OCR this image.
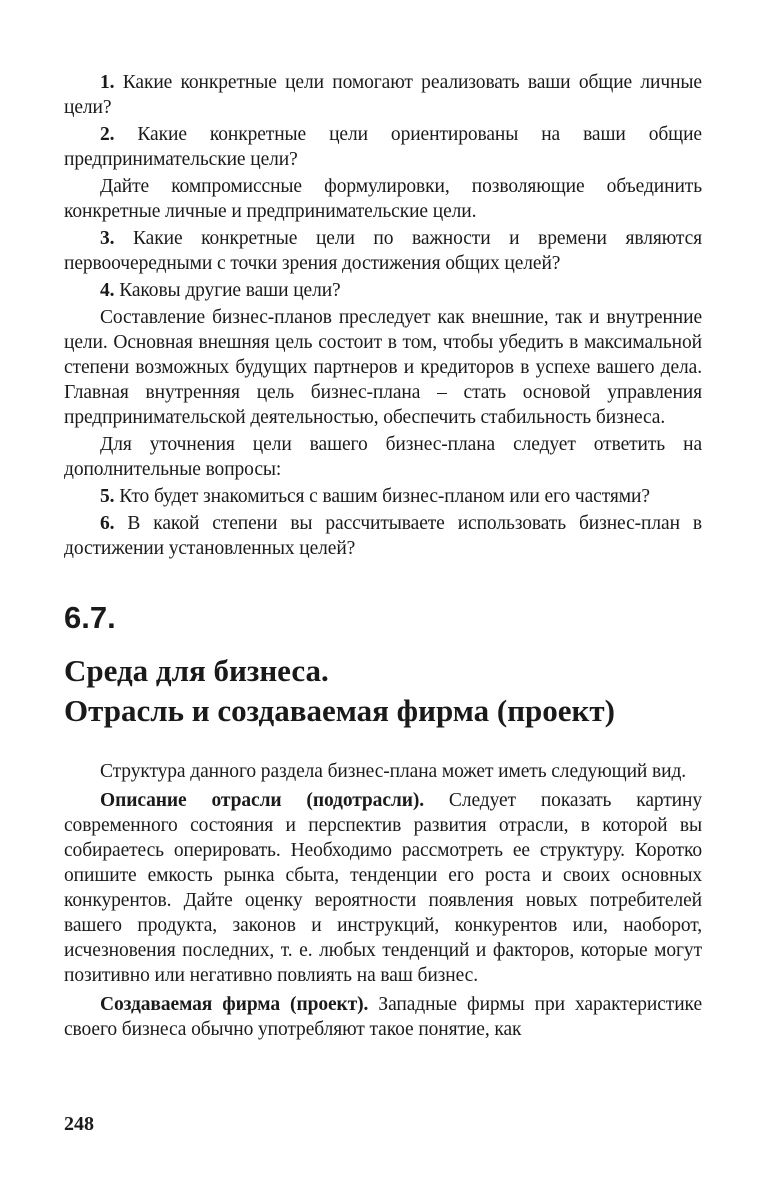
1. Какие конкретные цели помогают реализовать ваши общие личные цели?

2. Какие конкретные цели ориентированы на ваши общие предпринимательские цели?

Дайте компромиссные формулировки, позволяющие объединить конкретные личные и предпринимательские цели.

3. Какие конкретные цели по важности и времени являются первоочередными с точки зрения достижения общих целей?

4. Каковы другие ваши цели?

Составление бизнес-планов преследует как внешние, так и внутренние цели. Основная внешняя цель состоит в том, чтобы убедить в максимальной степени возможных будущих партнеров и кредиторов в успехе вашего дела. Главная внутренняя цель бизнес-плана – стать основой управления предпринимательской деятельностью, обеспечить стабильность бизнеса.

Для уточнения цели вашего бизнес-плана следует ответить на дополнительные вопросы:

5. Кто будет знакомиться с вашим бизнес-планом или его частями?

6. В какой степени вы рассчитываете использовать бизнес-план в достижении установленных целей?

6.7.
Среда для бизнеса.
Отрасль и создаваемая фирма (проект)

Структура данного раздела бизнес-плана может иметь следующий вид.

Описание отрасли (подотрасли). Следует показать картину современного состояния и перспектив развития отрасли, в которой вы собираетесь оперировать. Необходимо рассмотреть ее структуру. Коротко опишите емкость рынка сбыта, тенденции его роста и своих основных конкурентов. Дайте оценку вероятности появления новых потребителей вашего продукта, законов и инструкций, конкурентов или, наоборот, исчезновения последних, т. е. любых тенденций и факторов, которые могут позитивно или негативно повлиять на ваш бизнес.

Создаваемая фирма (проект). Западные фирмы при характеристике своего бизнеса обычно употребляют такое понятие, как

248
